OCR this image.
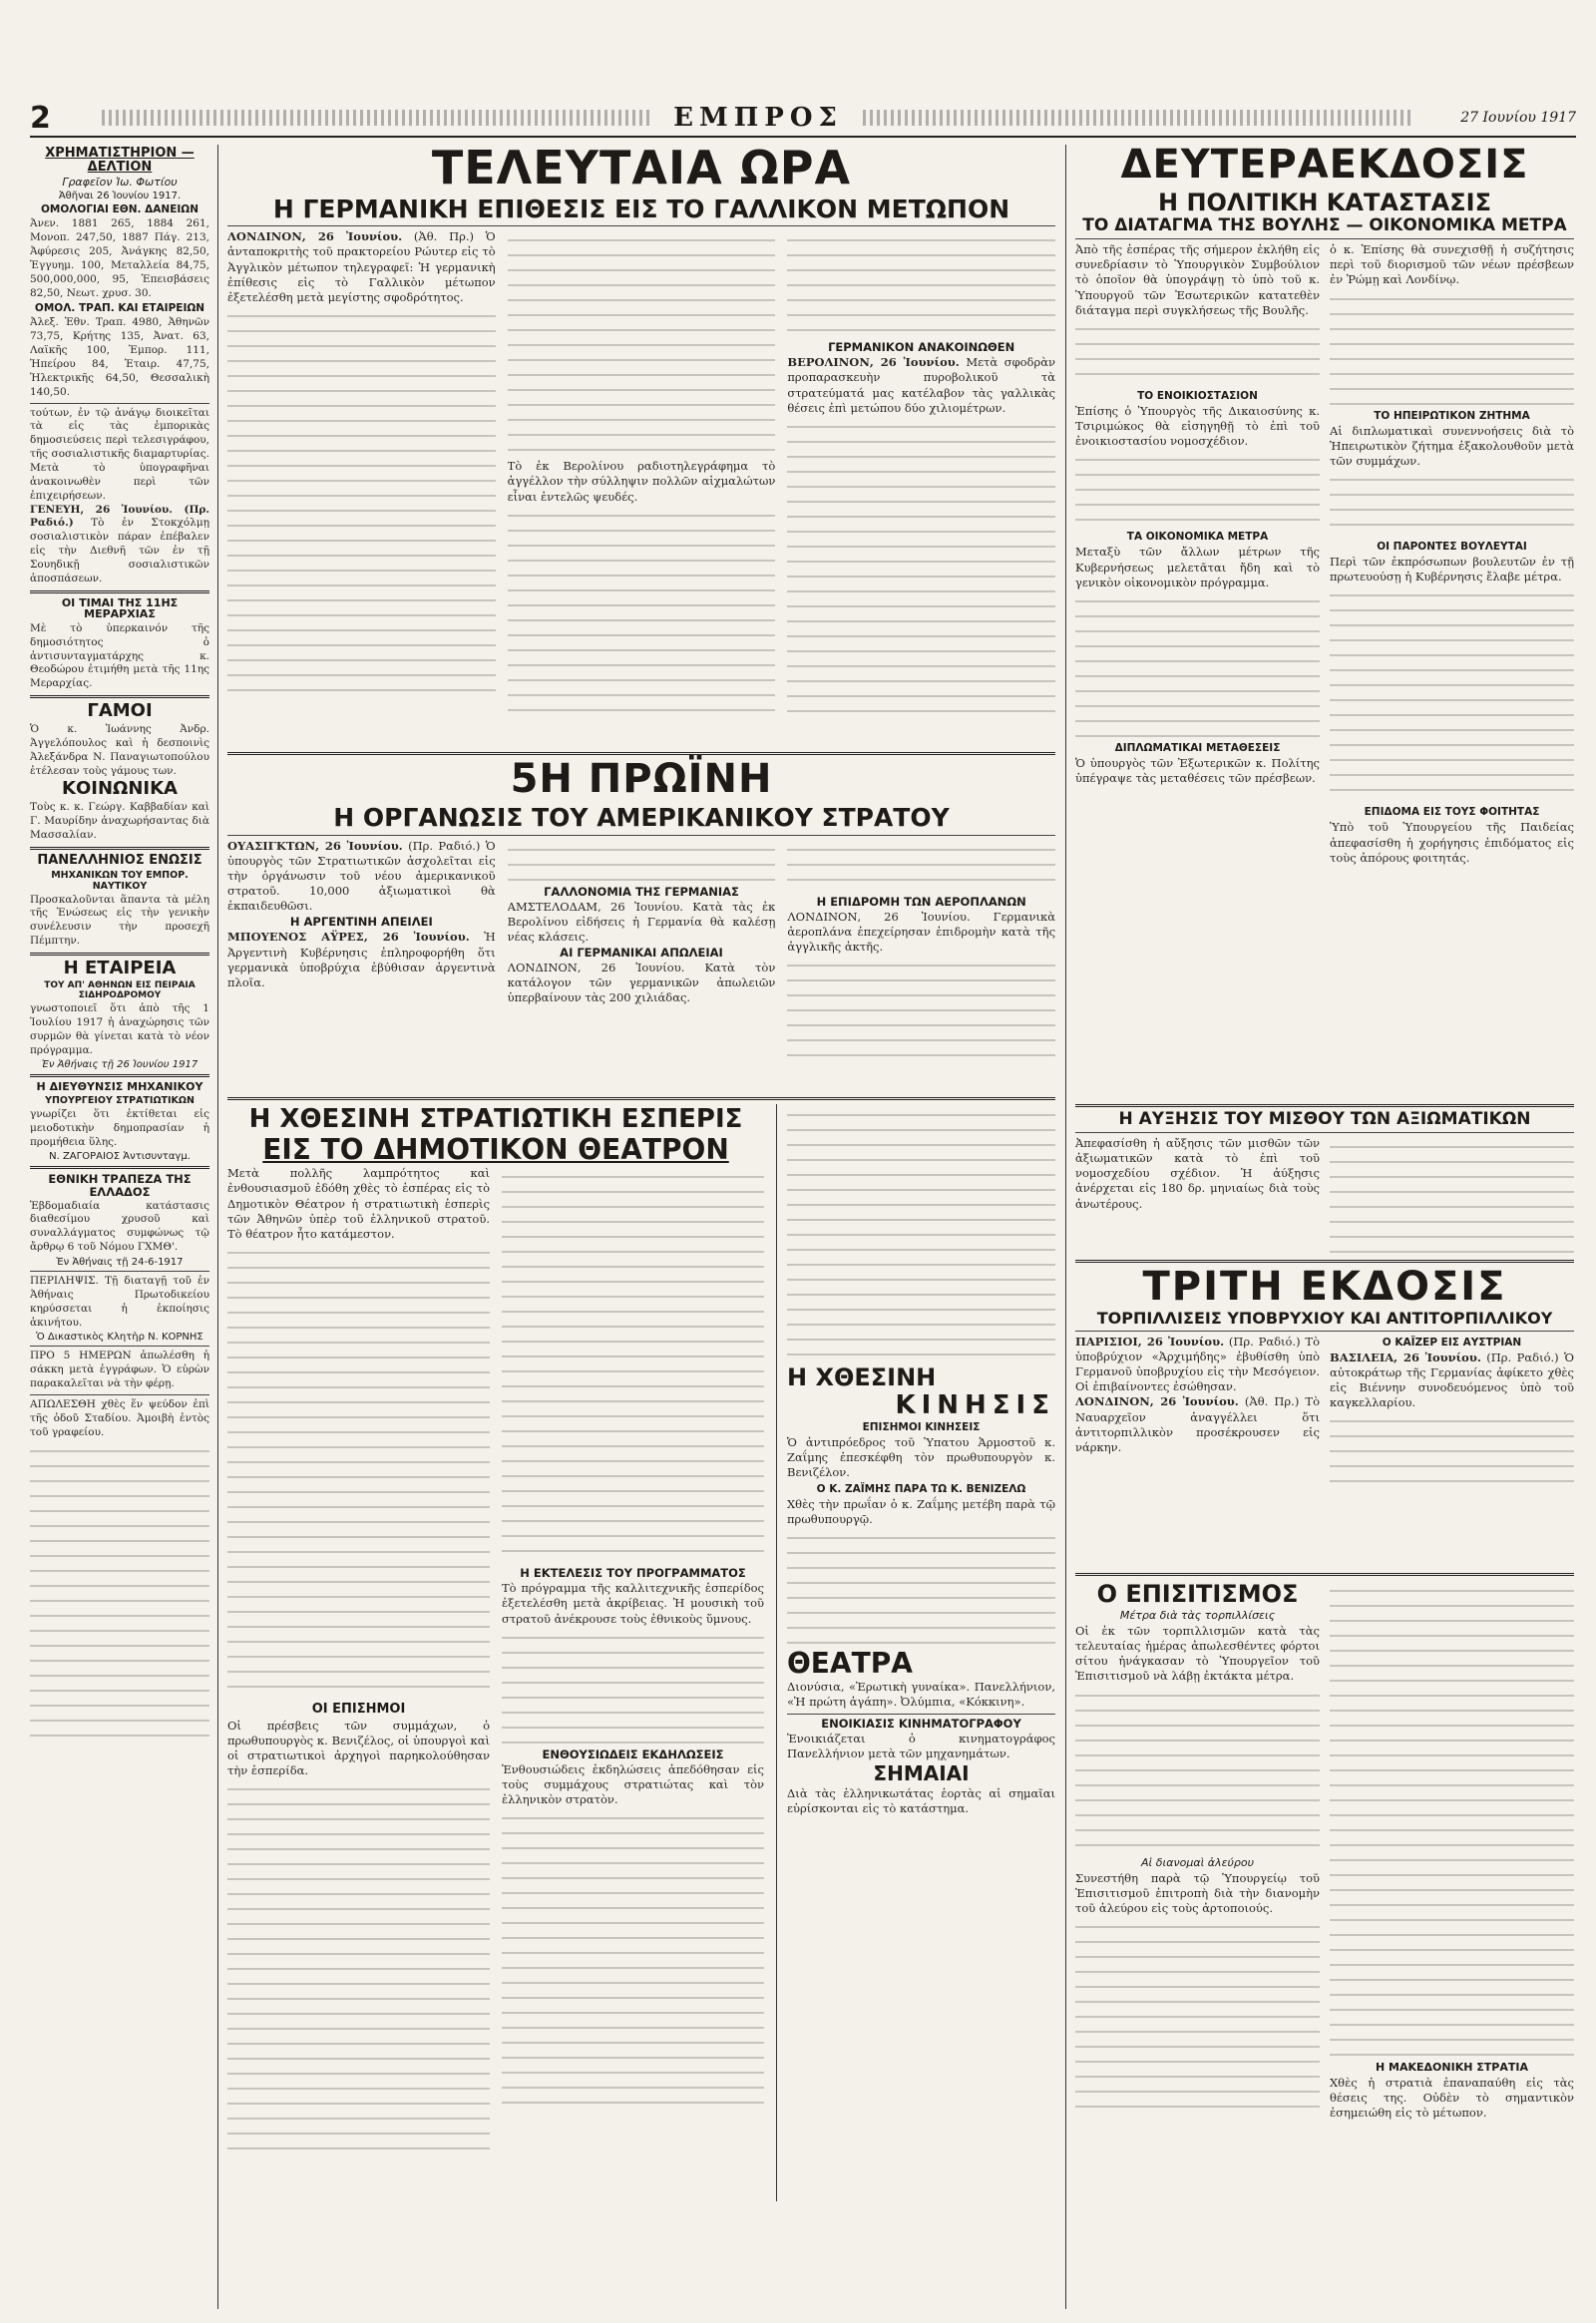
2	ΕΜΠΡΟΣ	27 Ιουνίου 1917
ΧΡΗΜΑΤΙΣΤΗΡΙΟΝ — ΔΕΛΤΙΟΝ
Γραφεῖον Ἰω. Φωτίου
Ἀθῆναι 26 Ἰουνίου 1917.
ΟΜΟΛΟΓΙΑΙ ΕΘΝ. ΔΑΝΕΙΩΝ

Ἀνεν. 1881 265, 1884 261, Μονοπ. 247,50, 1887 Πάγ. 213, Ἀφύρεσις 205, Ἀνάγκης 82,50, Ἐγγυημ. 100, Μεταλλεία 84,75, 500,000,000, 95, Ἐπεισβάσεις 82,50, Νεωτ. χρυσ. 30.

ΟΜΟΛ. ΤΡΑΠ. ΚΑΙ ΕΤΑΙΡΕΙΩΝ

Ἀλεξ. Ἐθν. Τραπ. 4980, Ἀθηνῶν 73,75, Κρήτης 135, Ἀνατ. 63, Λαϊκῆς 100, Ἐμπορ. 111, Ἠπείρου 84, Ἐταιρ. 47,75, Ἠλεκτρικῆς 64,50, Θεσσαλικὴ 140,50.

τούτων, ἐν τῷ ἀνάγῳ διοικεῖται τὰ εἰς τὰς ἐμπορικὰς δημοσιεύσεις περὶ τελεσιγράφου, τῆς σοσιαλιστικῆς διαμαρτυρίας. Μετὰ τὸ ὑπογραφῆναι ἀνακοινωθὲν περὶ τῶν ἐπιχειρήσεων.

ΓΕΝΕΥΗ, 26 Ἰουνίου. (Πρ. Ραδιό.) Τὸ ἐν Στοκχόλμῃ σοσιαλιστικὸν πάραν ἐπέβαλεν εἰς τὴν Διεθνῆ τῶν ἐν τῇ Σουηδικῇ σοσιαλιστικῶν ἀποσπάσεων.

ΟΙ ΤΙΜΑΙ ΤΗΣ 11ΗΣ ΜΕΡΑΡΧΙΑΣ

Μὲ τὸ ὑπερκαινόν τῆς δημοσιότητος ὁ ἀντισυνταγματάρχης κ. Θεοδώρου ἐτιμήθη μετὰ τῆς 11ης Μεραρχίας.

ΓΑΜΟΙ

Ὁ κ. Ἰωάννης Ἀνδρ. Ἀγγελόπουλος καὶ ἡ δεσποινὶς Ἀλεξάνδρα Ν. Παναγιωτοπούλου ἐτέλεσαν τοὺς γάμους των.

ΚΟΙΝΩΝΙΚΑ

Τοὺς κ. κ. Γεώργ. Καββαδίαν καὶ Γ. Μαυρίδην ἀναχωρήσαντας διὰ Μασσαλίαν.

ΠΑΝΕΛΛΗΝΙΟΣ ΕΝΩΣΙΣ
ΜΗΧΑΝΙΚΩΝ ΤΟΥ ΕΜΠΟΡ. ΝΑΥΤΙΚΟΥ

Προσκαλοῦνται ἅπαντα τὰ μέλη τῆς Ἑνώσεως εἰς τὴν γενικὴν συνέλευσιν τὴν προσεχῆ Πέμπτην.

Η ΕΤΑΙΡΕΙΑ
ΤΟΥ ΑΠ' ΑΘΗΝΩΝ ΕΙΣ ΠΕΙΡΑΙΑ ΣΙΔΗΡΟΔΡΟΜΟΥ

γνωστοποιεῖ ὅτι ἀπὸ τῆς 1 Ἰουλίου 1917 ἡ ἀναχώρησις τῶν συρμῶν θὰ γίνεται κατὰ τὸ νέον πρόγραμμα.

Ἐν Ἀθήναις τῇ 26 Ἰουνίου 1917
Η ΔΙΕΥΘΥΝΣΙΣ ΜΗΧΑΝΙΚΟΥ
ΥΠΟΥΡΓΕΙΟΥ ΣΤΡΑΤΙΩΤΙΚΩΝ

γνωρίζει ὅτι ἐκτίθεται εἰς μειοδοτικὴν δημοπρασίαν ἡ προμήθεια ὕλης.

Ν. ΖΑΓΟΡΑΙΟΣ Ἀντισυνταγμ.
ΕΘΝΙΚΗ ΤΡΑΠΕΖΑ ΤΗΣ ΕΛΛΑΔΟΣ

Ἑβδομαδιαία κατάστασις διαθεσίμου χρυσοῦ καὶ συναλλάγματος συμφώνως τῷ ἄρθρῳ 6 τοῦ Νόμου ΓΧΜΘ'.

Ἐν Ἀθήναις τῇ 24-6-1917

ΠΕΡΙΛΗΨΙΣ. Τῇ διαταγῇ τοῦ ἐν Ἀθήναις Πρωτοδικείου κηρύσσεται ἡ ἐκποίησις ἀκινήτου.

Ὁ Δικαστικὸς Κλητὴρ Ν. ΚΟΡΝΗΣ

ΠΡΟ 5 ΗΜΕΡΩΝ ἀπωλέσθη ἡ σάκκη μετὰ ἐγγράφων. Ὁ εὑρὼν παρακαλεῖται νὰ τὴν φέρῃ.

ΑΠΩΛΕΣΘΗ χθὲς ἕν ψεύδον ἐπὶ τῆς ὁδοῦ Σταδίου. Ἀμοιβὴ ἐντὸς τοῦ γραφείου.

ΤΕΛΕΥΤΑΙΑ ΩΡΑ
Η ΓΕΡΜΑΝΙΚΗ ΕΠΙΘΕΣΙΣ ΕΙΣ ΤΟ ΓΑΛΛΙΚΟΝ ΜΕΤΩΠΟΝ

ΛΟΝΔΙΝΟΝ, 26 Ἰουνίου. (Ἀθ. Πρ.) Ὁ ἀνταποκριτὴς τοῦ πρακτορείου Ρώυτερ εἰς τὸ Ἀγγλικὸν μέτωπον τηλεγραφεῖ: Ἡ γερμανικὴ ἐπίθεσις εἰς τὸ Γαλλικὸν μέτωπον ἐξετελέσθη μετὰ μεγίστης σφοδρότητος.

Τὸ ἐκ Βερολίνου ραδιοτηλεγράφημα τὸ ἀγγέλλον τὴν σύλληψιν πολλῶν αἰχμαλώτων εἶναι ἐντελῶς ψευδές.

ΓΕΡΜΑΝΙΚΟΝ ΑΝΑΚΟΙΝΩΘΕΝ

ΒΕΡΟΛΙΝΟΝ, 26 Ἰουνίου. Μετὰ σφοδρὰν προπαρασκευὴν πυροβολικοῦ τὰ στρατεύματά μας κατέλαβον τὰς γαλλικὰς θέσεις ἐπὶ μετώπου δύο χιλιομέτρων.

5Η ΠΡΩΪΝΗ
Η ΟΡΓΑΝΩΣΙΣ ΤΟΥ ΑΜΕΡΙΚΑΝΙΚΟΥ ΣΤΡΑΤΟΥ

ΟΥΑΣΙΓΚΤΩΝ, 26 Ἰουνίου. (Πρ. Ραδιό.) Ὁ ὑπουργὸς τῶν Στρατιωτικῶν ἀσχολεῖται εἰς τὴν ὀργάνωσιν τοῦ νέου ἀμερικανικοῦ στρατοῦ. 10,000 ἀξιωματικοὶ θὰ ἐκπαιδευθῶσι.

Η ΑΡΓΕΝΤΙΝΗ ΑΠΕΙΛΕΙ

ΜΠΟΥΕΝΟΣ ΑΫΡΕΣ, 26 Ἰουνίου. Ἡ Ἀργεντινὴ Κυβέρνησις ἐπληροφορήθη ὅτι γερμανικὰ ὑποβρύχια ἐβύθισαν ἀργεντινὰ πλοῖα.

ΓΑΛΛΟΝΟΜΙΑ ΤΗΣ ΓΕΡΜΑΝΙΑΣ

ΑΜΣΤΕΛΟΔΑΜ, 26 Ἰουνίου. Κατὰ τὰς ἐκ Βερολίνου εἰδήσεις ἡ Γερμανία θὰ καλέσῃ νέας κλάσεις.

ΑΙ ΓΕΡΜΑΝΙΚΑΙ ΑΠΩΛΕΙΑΙ

ΛΟΝΔΙΝΟΝ, 26 Ἰουνίου. Κατὰ τὸν κατάλογον τῶν γερμανικῶν ἀπωλειῶν ὑπερβαίνουν τὰς 200 χιλιάδας.

Η ΕΠΙΔΡΟΜΗ ΤΩΝ ΑΕΡΟΠΛΑΝΩΝ

ΛΟΝΔΙΝΟΝ, 26 Ἰουνίου. Γερμανικὰ ἀεροπλάνα ἐπεχείρησαν ἐπιδρομὴν κατὰ τῆς ἀγγλικῆς ἀκτῆς.

Η ΧΘΕΣΙΝΗ ΣΤΡΑΤΙΩΤΙΚΗ ΕΣΠΕΡΙΣ
ΕΙΣ ΤΟ ΔΗΜΟΤΙΚΟΝ ΘΕΑΤΡΟΝ

Μετὰ πολλῆς λαμπρότητος καὶ ἐνθουσιασμοῦ ἐδόθη χθὲς τὸ ἑσπέρας εἰς τὸ Δημοτικὸν Θέατρον ἡ στρατιωτικὴ ἑσπερὶς τῶν Ἀθηνῶν ὑπὲρ τοῦ ἑλληνικοῦ στρατοῦ. Τὸ θέατρον ἦτο κατάμεστον.

ΟΙ ΕΠΙΣΗΜΟΙ

Οἱ πρέσβεις τῶν συμμάχων, ὁ πρωθυπουργὸς κ. Βενιζέλος, οἱ ὑπουργοὶ καὶ οἱ στρατιωτικοὶ ἀρχηγοὶ παρηκολούθησαν τὴν ἑσπερίδα.

Η ΕΚΤΕΛΕΣΙΣ ΤΟΥ ΠΡΟΓΡΑΜΜΑΤΟΣ

Τὸ πρόγραμμα τῆς καλλιτεχνικῆς ἑσπερίδος ἐξετελέσθη μετὰ ἀκρίβειας. Ἡ μουσικὴ τοῦ στρατοῦ ἀνέκρουσε τοὺς ἐθνικοὺς ὕμνους.

ΕΝΘΟΥΣΙΩΔΕΙΣ ΕΚΔΗΛΩΣΕΙΣ

Ἐνθουσιώδεις ἐκδηλώσεις ἀπεδόθησαν εἰς τοὺς συμμάχους στρατιώτας καὶ τὸν ἑλληνικὸν στρατὸν.

Η ΧΘΕΣΙΝΗ
ΚΙΝΗΣΙΣ
ΕΠΙΣΗΜΟΙ ΚΙΝΗΣΕΙΣ

Ὁ ἀντιπρόεδρος τοῦ Ὑπατου Ἁρμοστοῦ κ. Ζαΐμης ἐπεσκέφθη τὸν πρωθυπουργὸν κ. Βενιζέλον.

Ο Κ. ΖΑΪΜΗΣ ΠΑΡΑ ΤΩ Κ. ΒΕΝΙΖΕΛΩ

Χθὲς τὴν πρωΐαν ὁ κ. Ζαΐμης μετέβη παρὰ τῷ πρωθυπουργῷ.

ΘΕΑΤΡΑ

Διονύσια, «Ἐρωτικὴ γυναίκα». Πανελλήνιον, «Ἡ πρώτη ἀγάπη». Ὀλύμπια, «Κόκκινη».

ΕΝΟΙΚΙΑΣΙΣ ΚΙΝΗΜΑΤΟΓΡΑΦΟΥ

Ἐνοικιάζεται ὁ κινηματογράφος Πανελλήνιον μετὰ τῶν μηχανημάτων.

ΣΗΜΑΙΑΙ

Διὰ τὰς ἑλληνικωτάτας ἑορτὰς αἱ σημαῖαι εὑρίσκονται εἰς τὸ κατάστημα.

ΔΕΥΤΕΡΑΕΚΔΟΣΙΣ
Η ΠΟΛΙΤΙΚΗ ΚΑΤΑΣΤΑΣΙΣ
ΤΟ ΔΙΑΤΑΓΜΑ ΤΗΣ ΒΟΥΛΗΣ — ΟΙΚΟΝΟΜΙΚΑ ΜΕΤΡΑ

Ἀπὸ τῆς ἑσπέρας τῆς σήμερον ἐκλήθη εἰς συνεδρίασιν τὸ Ὑπουργικὸν Συμβούλιον τὸ ὁποῖον θὰ ὑπογράψῃ τὸ ὑπὸ τοῦ κ. Ὑπουργοῦ τῶν Ἐσωτερικῶν κατατεθὲν διάταγμα περὶ συγκλήσεως τῆς Βουλῆς.

ΤΟ ΕΝΟΙΚΙΟΣΤΑΣΙΟΝ

Ἐπίσης ὁ Ὑπουργὸς τῆς Δικαιοσύνης κ. Τσιριμώκος θὰ εἰσηγηθῇ τὸ ἐπὶ τοῦ ἐνοικιοστασίου νομοσχέδιον.

ΤΑ ΟΙΚΟΝΟΜΙΚΑ ΜΕΤΡΑ

Μεταξὺ τῶν ἄλλων μέτρων τῆς Κυβερνήσεως μελετᾶται ἤδη καὶ τὸ γενικὸν οἰκονομικὸν πρόγραμμα.

ΔΙΠΛΩΜΑΤΙΚΑΙ ΜΕΤΑΘΕΣΕΙΣ

Ὁ ὑπουργὸς τῶν Ἐξωτερικῶν κ. Πολίτης ὑπέγραψε τὰς μεταθέσεις τῶν πρέσβεων.

ὁ κ. Ἐπίσης θὰ συνεχισθῇ ἡ συζήτησις περὶ τοῦ διορισμοῦ τῶν νέων πρέσβεων ἐν Ῥώμῃ καὶ Λονδίνῳ.

ΤΟ ΗΠΕΙΡΩΤΙΚΟΝ ΖΗΤΗΜΑ

Αἱ διπλωματικαὶ συνεννοήσεις διὰ τὸ Ἠπειρωτικὸν ζήτημα ἐξακολουθοῦν μετὰ τῶν συμμάχων.

ΟΙ ΠΑΡΟΝΤΕΣ ΒΟΥΛΕΥΤΑΙ

Περὶ τῶν ἐκπρόσωπων βουλευτῶν ἐν τῇ πρωτευούσῃ ἡ Κυβέρνησις ἔλαβε μέτρα.

ΕΠΙΔΟΜΑ ΕΙΣ ΤΟΥΣ ΦΟΙΤΗΤΑΣ

Ὑπὸ τοῦ Ὑπουργείου τῆς Παιδείας ἀπεφασίσθη ἡ χορήγησις ἐπιδόματος εἰς τοὺς ἀπόρους φοιτητάς.

Η ΑΥΞΗΣΙΣ ΤΟΥ ΜΙΣΘΟΥ ΤΩΝ ΑΞΙΩΜΑΤΙΚΩΝ

Ἀπεφασίσθη ἡ αὔξησις τῶν μισθῶν τῶν ἀξιωματικῶν κατὰ τὸ ἐπὶ τοῦ νομοσχεδίου σχέδιον. Ἡ ἀύξησις ἀνέρχεται εἰς 180 δρ. μηνιαίως διὰ τοὺς ἀνωτέρους.

ΤΡΙΤΗ ΕΚΔΟΣΙΣ
ΤΟΡΠΙΛΛΙΣΕΙΣ ΥΠΟΒΡΥΧΙΟΥ ΚΑΙ ΑΝΤΙΤΟΡΠΙΛΛΙΚΟΥ

ΠΑΡΙΣΙΟΙ, 26 Ἰουνίου. (Πρ. Ραδιό.) Τὸ ὑποβρύχιον «Ἀρχιμήδης» ἐβυθίσθη ὑπὸ Γερμανοῦ ὑποβρυχίου εἰς τὴν Μεσόγειον. Οἱ ἐπιβαίνοντες ἐσώθησαν.

ΛΟΝΔΙΝΟΝ, 26 Ἰουνίου. (Ἀθ. Πρ.) Τὸ Ναυαρχεῖον ἀναγγέλλει ὅτι ἀντιτορπιλλικὸν προσέκρουσεν εἰς νάρκην.

Ο ΚΑΪΖΕΡ ΕΙΣ ΑΥΣΤΡΙΑΝ

ΒΑΣΙΛΕΙΑ, 26 Ἰουνίου. (Πρ. Ραδιό.) Ὁ αὐτοκράτωρ τῆς Γερμανίας ἀφίκετο χθὲς εἰς Βιέννην συνοδευόμενος ὑπὸ τοῦ καγκελλαρίου.

Ο ΕΠΙΣΙΤΙΣΜΟΣ
Μέτρα διὰ τὰς τορπιλλίσεις

Οἱ ἐκ τῶν τορπιλλισμῶν κατὰ τὰς τελευταίας ἡμέρας ἀπωλεσθέντες φόρτοι σίτου ἠνάγκασαν τὸ Ὑπουργεῖον τοῦ Ἐπισιτισμοῦ νὰ λάβῃ ἐκτάκτα μέτρα.

Αἱ διανομαὶ ἀλεύρου

Συνεστήθη παρὰ τῷ Ὑπουργείῳ τοῦ Ἐπισιτισμοῦ ἐπιτροπὴ διὰ τὴν διανομὴν τοῦ ἀλεύρου εἰς τοὺς ἀρτοποιούς.

Η ΜΑΚΕΔΟΝΙΚΗ ΣΤΡΑΤΙΑ

Χθὲς ἡ στρατιὰ ἐπαναπαύθη εἰς τὰς θέσεις της. Οὐδὲν τὸ σημαντικὸν ἐσημειώθη εἰς τὸ μέτωπον.
